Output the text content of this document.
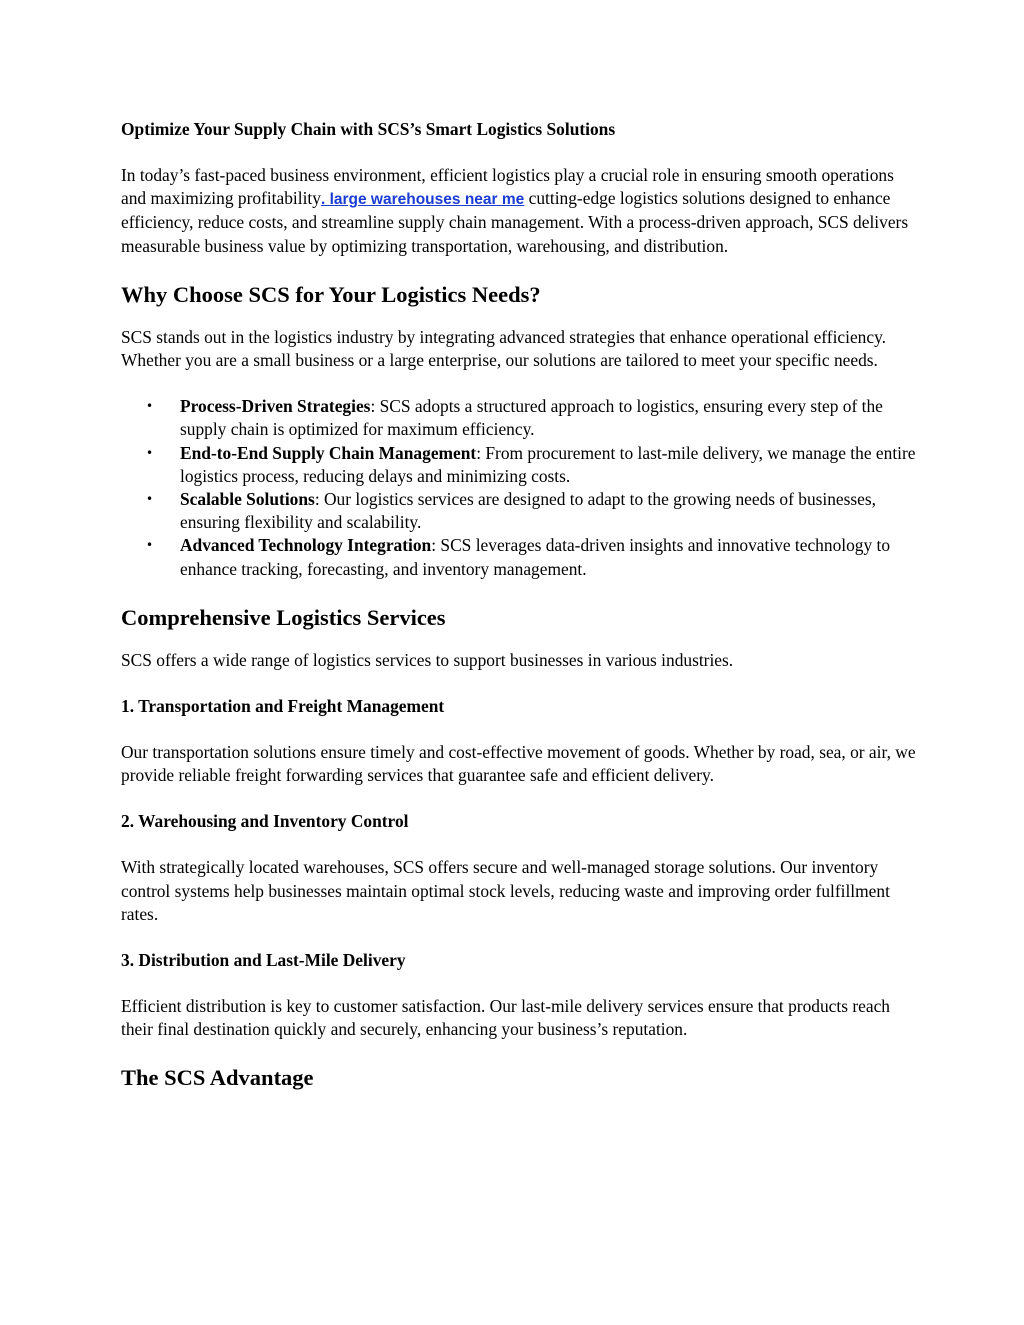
Optimize Your Supply Chain with SCS’s Smart Logistics Solutions

In today’s fast-paced business environment, efficient logistics play a crucial role in ensuring smooth operations and maximizing profitability. large warehouses near me cutting-edge logistics solutions designed to enhance efficiency, reduce costs, and streamline supply chain management. With a process-driven approach, SCS delivers measurable business value by optimizing transportation, warehousing, and distribution.

Why Choose SCS for Your Logistics Needs?

SCS stands out in the logistics industry by integrating advanced strategies that enhance operational efficiency. Whether you are a small business or a large enterprise, our solutions are tailored to meet your specific needs.

• Process-Driven Strategies: SCS adopts a structured approach to logistics, ensuring every step of the supply chain is optimized for maximum efficiency.
• End-to-End Supply Chain Management: From procurement to last-mile delivery, we manage the entire logistics process, reducing delays and minimizing costs.
• Scalable Solutions: Our logistics services are designed to adapt to the growing needs of businesses, ensuring flexibility and scalability.
• Advanced Technology Integration: SCS leverages data-driven insights and innovative technology to enhance tracking, forecasting, and inventory management.
Comprehensive Logistics Services

SCS offers a wide range of logistics services to support businesses in various industries.

1. Transportation and Freight Management

Our transportation solutions ensure timely and cost-effective movement of goods. Whether by road, sea, or air, we provide reliable freight forwarding services that guarantee safe and efficient delivery.

2. Warehousing and Inventory Control

With strategically located warehouses, SCS offers secure and well-managed storage solutions. Our inventory control systems help businesses maintain optimal stock levels, reducing waste and improving order fulfillment rates.

3. Distribution and Last-Mile Delivery

Efficient distribution is key to customer satisfaction. Our last-mile delivery services ensure that products reach their final destination quickly and securely, enhancing your business’s reputation.

The SCS Advantage
